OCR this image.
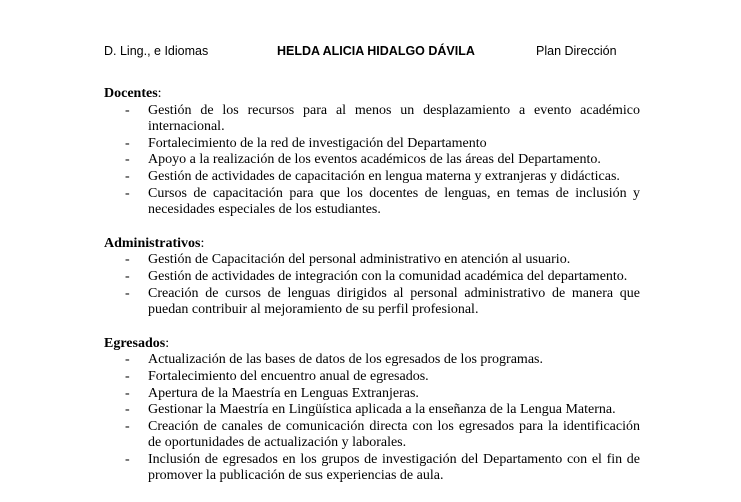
D. Ling., e Idiomas	HELDA ALICIA HIDALGO DÁVILA	Plan Dirección

Docentes:

- Gestión de los recursos para al menos un desplazamiento a evento académico internacional.
- Fortalecimiento de la red de investigación del Departamento
- Apoyo a la realización de los eventos académicos de las áreas del Departamento.
- Gestión de actividades de capacitación en lengua materna y extranjeras y didácticas.
- Cursos de capacitación para que los docentes de lenguas, en temas de inclusión y necesidades especiales de los estudiantes.

Administrativos:

- Gestión de Capacitación del personal administrativo en atención al usuario.
- Gestión de actividades de integración con la comunidad académica del departamento.
- Creación de cursos de lenguas dirigidos al personal administrativo de manera que puedan contribuir al mejoramiento de su perfil profesional.

Egresados:

- Actualización de las bases de datos de los egresados de los programas.
- Fortalecimiento del encuentro anual de egresados.
- Apertura de la Maestría en Lenguas Extranjeras.
- Gestionar la Maestría en Lingüística aplicada a la enseñanza de la Lengua Materna.
- Creación de canales de comunicación directa con los egresados para la identificación de oportunidades de actualización y laborales.
- Inclusión de egresados en los grupos de investigación del Departamento con el fin de promover la publicación de sus experiencias de aula.
